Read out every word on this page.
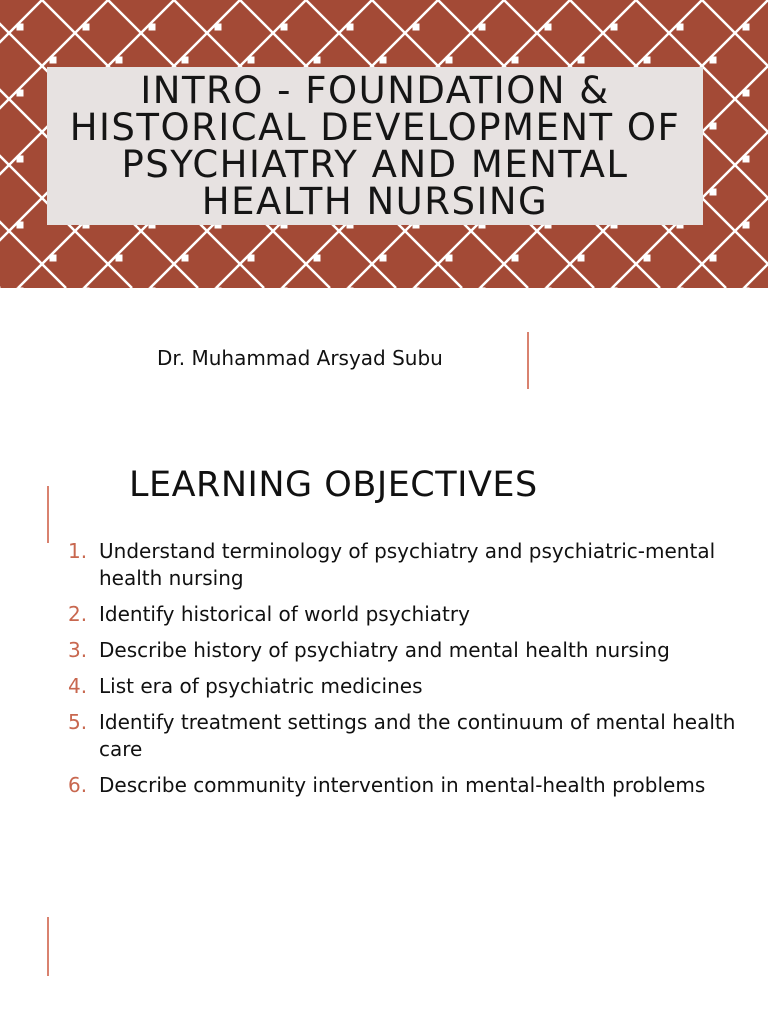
INTRO - FOUNDATION &
HISTORICAL DEVELOPMENT OF
PSYCHIATRY AND MENTAL
HEALTH NURSING

Dr. Muhammad Arsyad Subu

LEARNING OBJECTIVES
1. Understand terminology of psychiatry and psychiatric-mental health nursing
2. Identify historical of world psychiatry
3. Describe history of psychiatry and mental health nursing
4. List era of psychiatric medicines
5. Identify treatment settings and the continuum of mental health care
6. Describe community intervention in mental-health problems
